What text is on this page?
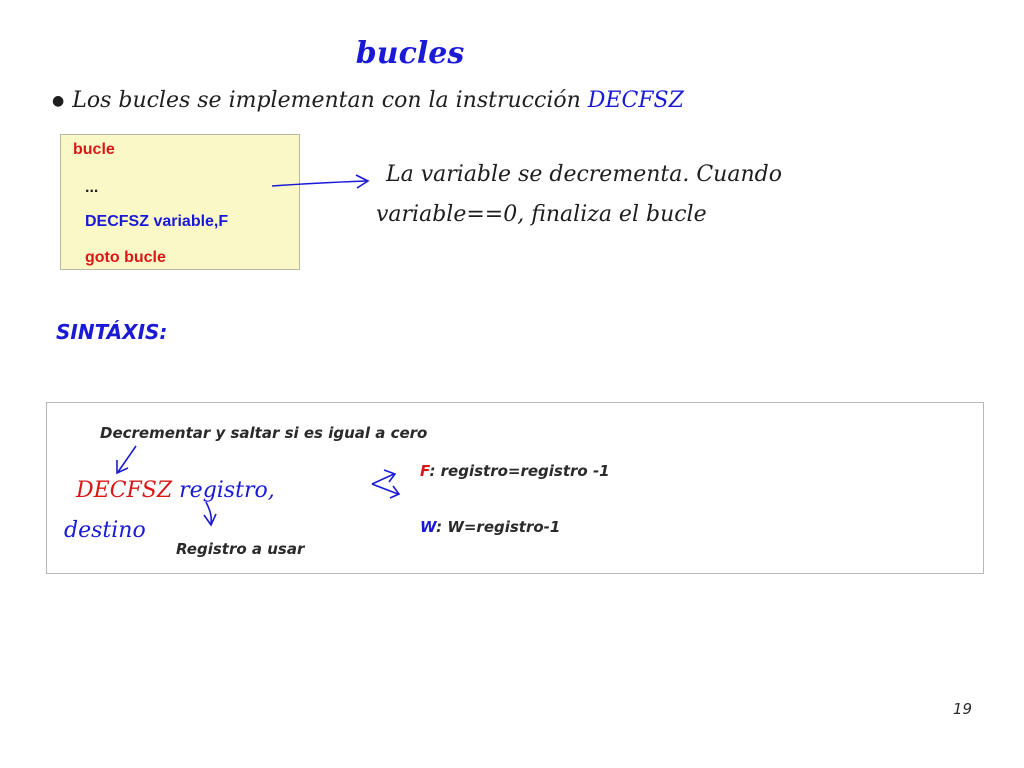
bucles
● Los bucles se implementan con la instrucción DECFSZ
bucle
...
DECFSZ variable,F
goto bucle
La variable se decrementa. Cuando
variable==0, finaliza el bucle
SINTÁXIS:
Decrementar y saltar si es igual a cero
DECFSZ registro,
destino
Registro a usar
F: registro=registro -1
W: W=registro-1
19
